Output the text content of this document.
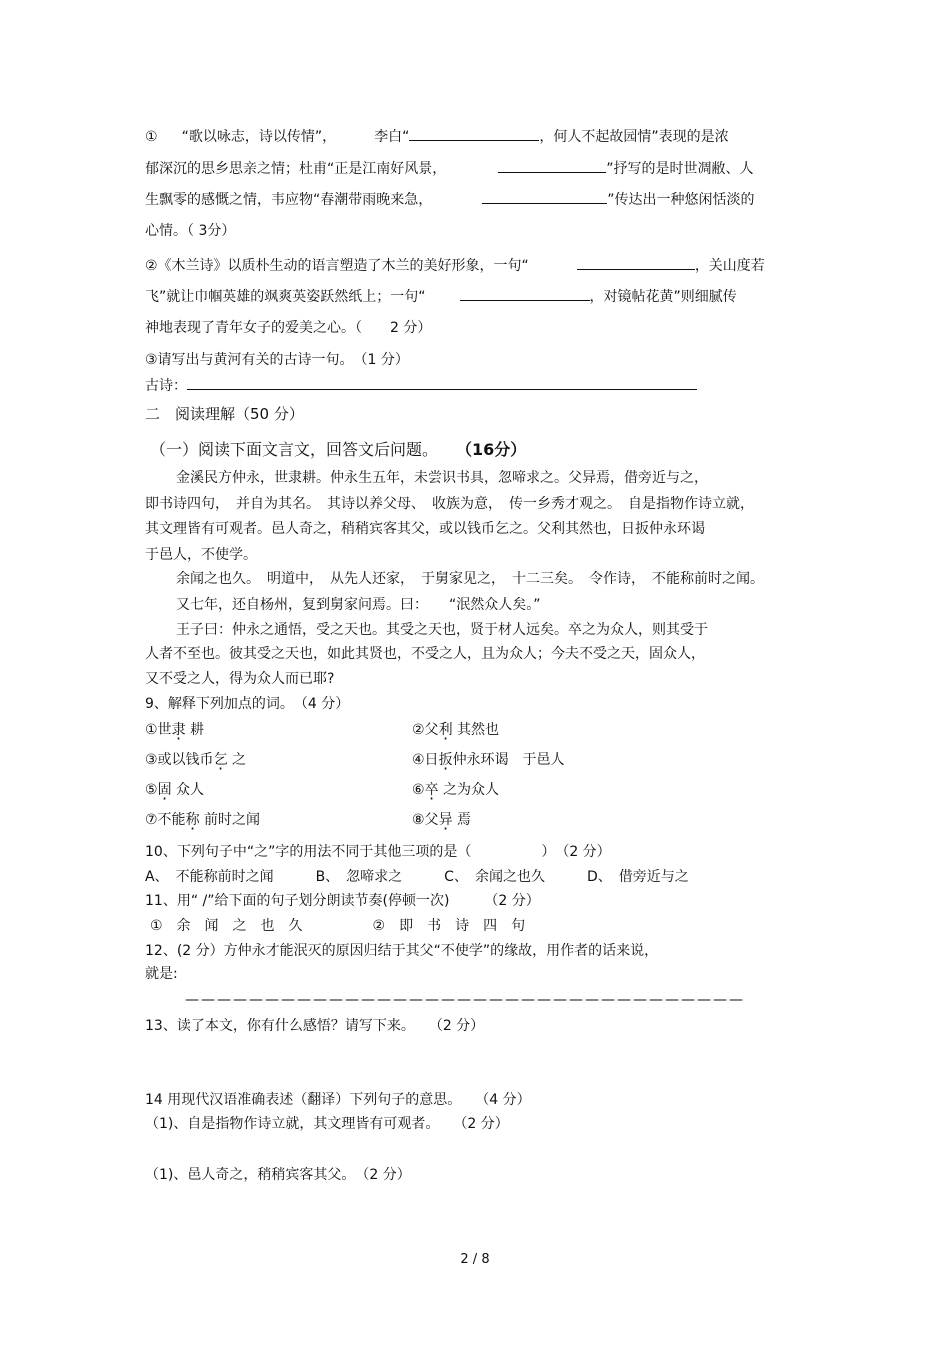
① “歌以咏志，诗以传情”，	李白“	，何人不起故园情”表现的是浓

郁深沉的思乡思亲之情；杜甫“正是江南好风景，	”抒写的是时世凋敝、人

生飘零的感慨之情，韦应物“春潮带雨晚来急，	”传达出一种悠闲恬淡的

心情。（ 3分）

②《木兰诗》以质朴生动的语言塑造了木兰的美好形象，一句“	，关山度若

飞”就让巾帼英雄的飒爽英姿跃然纸上；一句“	，对镜帖花黄”则细腻传

神地表现了青年女子的爱美之心。（　　2 分）

③请写出与黄河有关的古诗一句。　（1 分）

古诗：

二　阅读理解（50 分）

（一）阅读下面文言文，回答文后问题。 （16分）

金溪民方仲永，世隶耕。仲永生五年，未尝识书具，忽啼求之。父异焉，借旁近与之，

即书诗四句，　并自为其名。　其诗以养父母、　收族为意，　传一乡秀才观之。　自是指物作诗立就，

其文理皆有可观者。邑人奇之，稍稍宾客其父，或以钱币乞之。父利其然也，日扳仲永环谒

于邑人，不使学。

余闻之也久。　明道中，　从先人还家，　于舅家见之，　十二三矣。　令作诗，　不能称前时之闻。

又七年，还自杨州，复到舅家问焉。曰：　　“泯然众人矣。”

王子曰：仲永之通悟，受之天也。其受之天也，贤于材人远矣。卒之为众人，则其受于

人者不至也。彼其受之天也，如此其贤也，不受之人，且为众人；今夫不受之天，固众人，

又不受之人，得为众人而已耶?

9、解释下列加点的词。　（4 分）

①世隶 耕	②父利 其然也

③或以钱币乞 之	④日扳仲永环谒　于邑人

⑤固 众人	⑥卒 之为众人

⑦不能称 前时之闻	⑧父异 焉

10、下列句子中“之”字的用法不同于其他三项的是（　　　　　）　（2 分）

A、　不能称前时之闻　　　B、　忽啼求之　　　C、　余闻之也久　　　D、　借旁近与之

11、用“ /”给下面的句子划分朗读节奏(停顿一次)　　　（2 分）

①　余　闻　之　也　久　　　　　②　即　书　诗　四　句

12、(2 分）方仲永才能泯灭的原因归结于其父“不使学”的缘故，用作者的话来说，

就是:

———————————————————————————————————

13、读了本文，你有什么感悟？请写下来。　　（2 分）

14 用现代汉语准确表述（翻译）下列句子的意思。　　（4 分）

（1)、自是指物作诗立就，其文理皆有可观者。　　（2 分）

（1)、邑人奇之，稍稍宾客其父。　（2 分）

2 / 8
